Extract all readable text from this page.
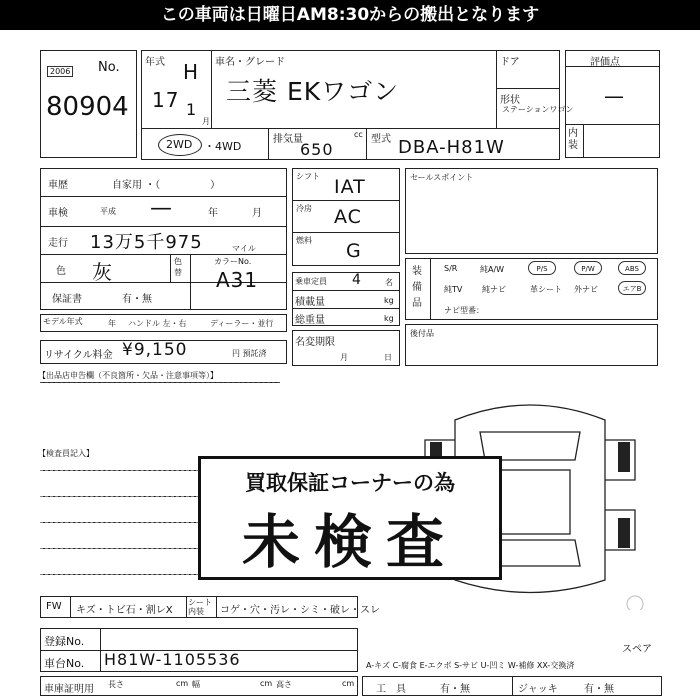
この車両は日曜日AM8:30からの搬出となります
2006 No.
80904
年式 H
17 1
月
車名・グレード
三菱 EKワゴン
ドア
形状
ステーションワゴン
2WD ・4WD
排気量	cc
650
型式 DBA-H81W
評価点
—
内装
車歴	自家用 ・（　　　　　）
車検	平成 —	年	月
走行 13万5千975	マイル
色 灰	色替
カラーNo.
A31
保証書	有・無
モデル年式	年 ハンドル 左・右	ディーラー・並行
リサイクル料金 ¥9,150	円 預託済
シフト IAT
冷房 AC
燃料 G
乗車定員 4	名
積載量	kg
総重量	kg
名変期限
月	日
セールスポイント
装備品
S/R	純A/W	P/S	P/W	ABS
純TV 純ナビ	革シート 外ナビ	エアB
ナビ型番：
後付品
【出品店申告欄（不良箇所・欠品・注意事項等）】
【検査員記入】
買取保証コーナーの為
未検査
FW キズ・トビ石・割レX
シート内装	コゲ・穴・汚レ・シミ・破レ・スレ
登録No.
車台No. H81W-1105536
車庫証明用 長さ	cm 幅	cm 高さ	cm
スペア
A-キズ C-腐食 E-エクボ S-サビ U-凹ミ W-補修 XX-交換済
工　具	有・無	ジャッキ	有・無
